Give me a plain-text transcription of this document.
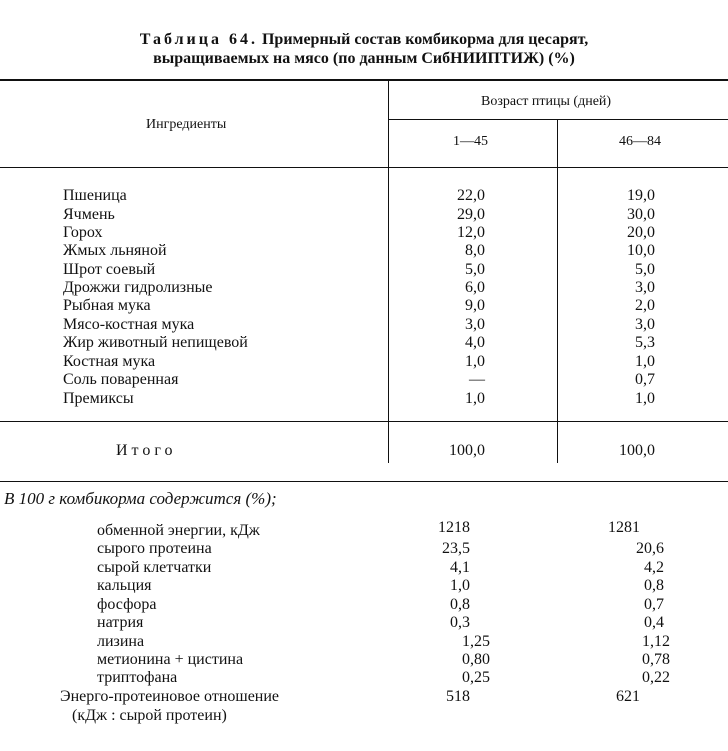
Таблица 64. Примерный состав комбикорма для цесарят,
выращиваемых на мясо (по данным СибНИИПТИЖ) (%)
Ингредиенты
Возраст птицы (дней)
1—45	46—84
Пшеница	22,0	19,0
Ячмень	29,0	30,0
Горох	12,0	20,0
Жмых льняной	8,0	10,0
Шрот соевый	5,0	5,0
Дрожжи гидролизные	6,0	3,0
Рыбная мука	9,0	2,0
Мясо-костная мука	3,0	3,0
Жир животный непищевой	4,0	5,3
Костная мука	1,0	1,0
Соль поваренная	—	0,7
Премиксы	1,0	1,0
Итого	100,0	100,0
В 100 г комбикорма содержится (%);
обменной энергии, кДж	1218	1281
сырого протеина	23,5	20,6
сырой клетчатки	4,1	4,2
кальция	1,0	0,8
фосфора	0,8	0,7
натрия	0,3	0,4
лизина	1,25	1,12
метионина + цистина	0,80	0,78
триптофана	0,25	0,22
Энерго-протеиновое отношение
(кДж : сырой протеин)
518	621
